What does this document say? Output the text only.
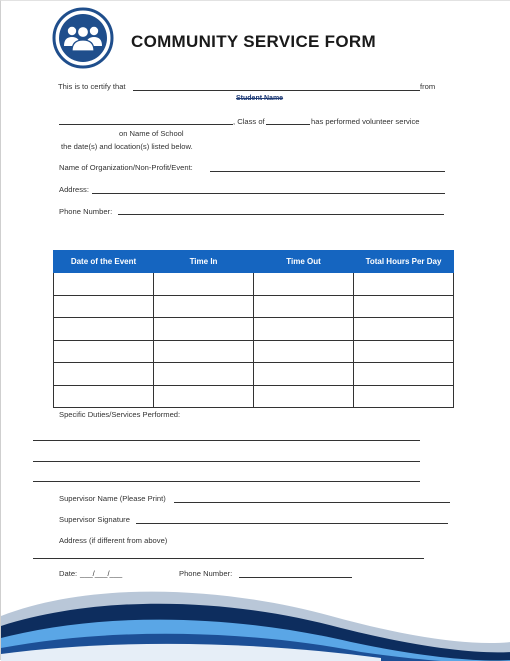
COMMUNITY SERVICE FORM
This is to certify that	from
Student Name
, Class of	has performed volunteer service
on Name of School
the date(s) and location(s) listed below.
Name of Organization/Non-Profit/Event:
Address:
Phone Number:
Date of the Event	Time In	Time Out	Total Hours Per Day

Specific Duties/Services Performed:
Supervisor Name (Please Print)
Supervisor Signature
Address (if different from above)
Date: ___/___/___	Phone Number:
